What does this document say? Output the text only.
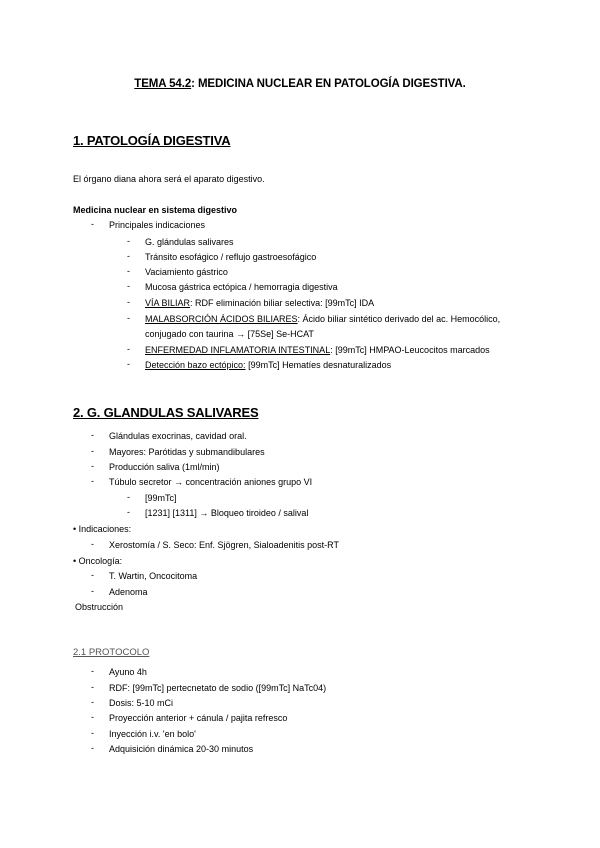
TEMA 54.2: MEDICINA NUCLEAR EN PATOLOGÍA DIGESTIVA.
1. PATOLOGÍA DIGESTIVA
El órgano diana ahora será el aparato digestivo.
Medicina nuclear en sistema digestivo
- Principales indicaciones
- G. glándulas salivares
- Tránsito esofágico / reflujo gastroesofágico
- Vaciamiento gástrico
- Mucosa gástrica ectópica / hemorragia digestiva
- VÍA BILIAR: RDF eliminación biliar selectiva: [99mTc] IDA
- MALABSORCIÓN ÁCIDOS BILIARES: Ácido biliar sintético derivado del ac. Hemocólico,
conjugado con taurina → [75Se] Se-HCAT
- ENFERMEDAD INFLAMATORIA INTESTINAL: [99mTc] HMPAO-Leucocitos marcados
- Detección bazo ectópico: [99mTc] Hematíes desnaturalizados
2. G. GLANDULAS SALIVARES
- Glándulas exocrinas, cavidad oral.
- Mayores: Parótidas y submandibulares
- Producción saliva (1ml/min)
- Túbulo secretor → concentración aniones grupo VI
- [99mTc]
- [1231] [1311] → Bloqueo tiroideo / salival
• Indicaciones:
- Xerostomía / S. Seco: Enf. Sjögren, Sialoadenitis post-RT
• Oncología:
- T. Wartin, Oncocitoma
- Adenoma
Obstrucción
2.1 PROTOCOLO
- Ayuno 4h
- RDF: [99mTc] pertecnetato de sodio ([99mTc] NaTc04)
- Dosis: 5-10 mCi
- Proyección anterior + cánula / pajita refresco
- Inyección i.v. 'en bolo'
- Adquisición dinámica 20-30 minutos
